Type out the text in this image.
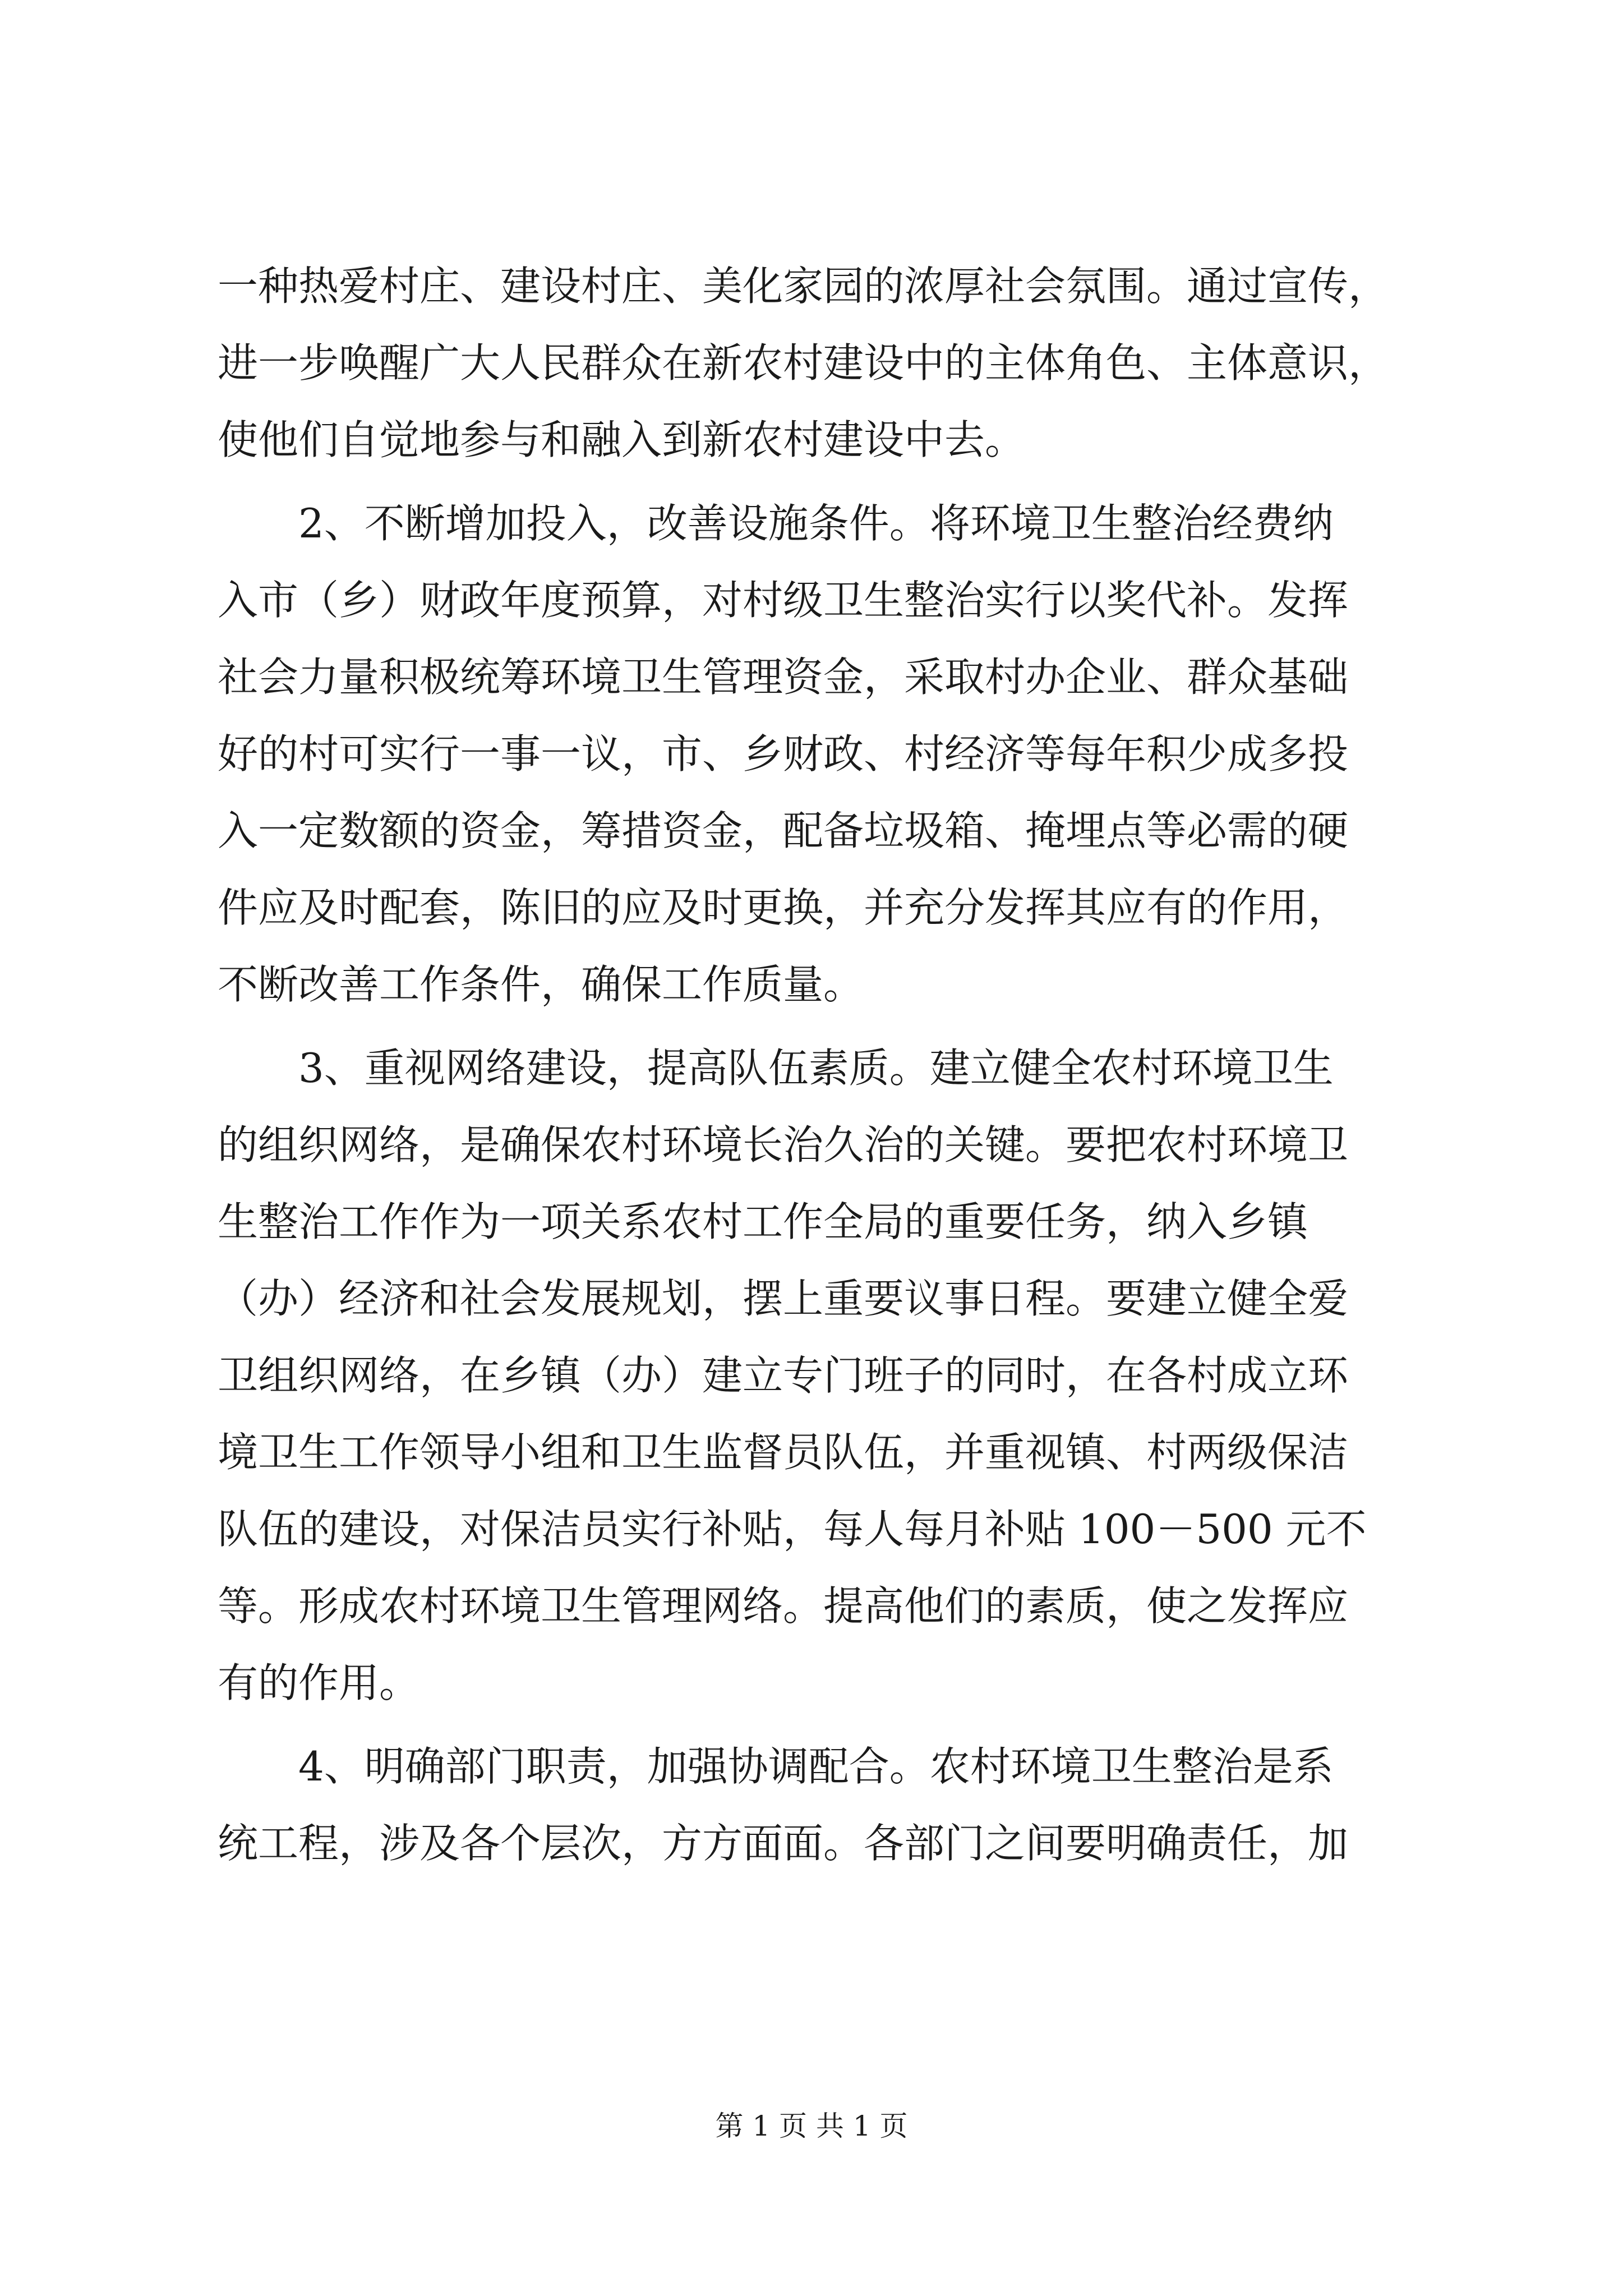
一种热爱村庄、建设村庄、美化家园的浓厚社会氛围。通过宣传，
进一步唤醒广大人民群众在新农村建设中的主体角色、主体意识，
使他们自觉地参与和融入到新农村建设中去。
2、不断增加投入，改善设施条件。将环境卫生整治经费纳
入市（乡）财政年度预算，对村级卫生整治实行以奖代补。发挥
社会力量积极统筹环境卫生管理资金，采取村办企业、群众基础
好的村可实行一事一议，市、乡财政、村经济等每年积少成多投
入一定数额的资金，筹措资金，配备垃圾箱、掩埋点等必需的硬
件应及时配套，陈旧的应及时更换，并充分发挥其应有的作用，
不断改善工作条件，确保工作质量。
3、重视网络建设，提高队伍素质。建立健全农村环境卫生
的组织网络，是确保农村环境长治久治的关键。要把农村环境卫
生整治工作作为一项关系农村工作全局的重要任务，纳入乡镇
（办）经济和社会发展规划，摆上重要议事日程。要建立健全爱
卫组织网络，在乡镇（办）建立专门班子的同时，在各村成立环
境卫生工作领导小组和卫生监督员队伍，并重视镇、村两级保洁
队伍的建设，对保洁员实行补贴，每人每月补贴 100－500 元不
等。形成农村环境卫生管理网络。提高他们的素质，使之发挥应
有的作用。
4、明确部门职责，加强协调配合。农村环境卫生整治是系
统工程，涉及各个层次，方方面面。各部门之间要明确责任，加
第 1 页 共 1 页
